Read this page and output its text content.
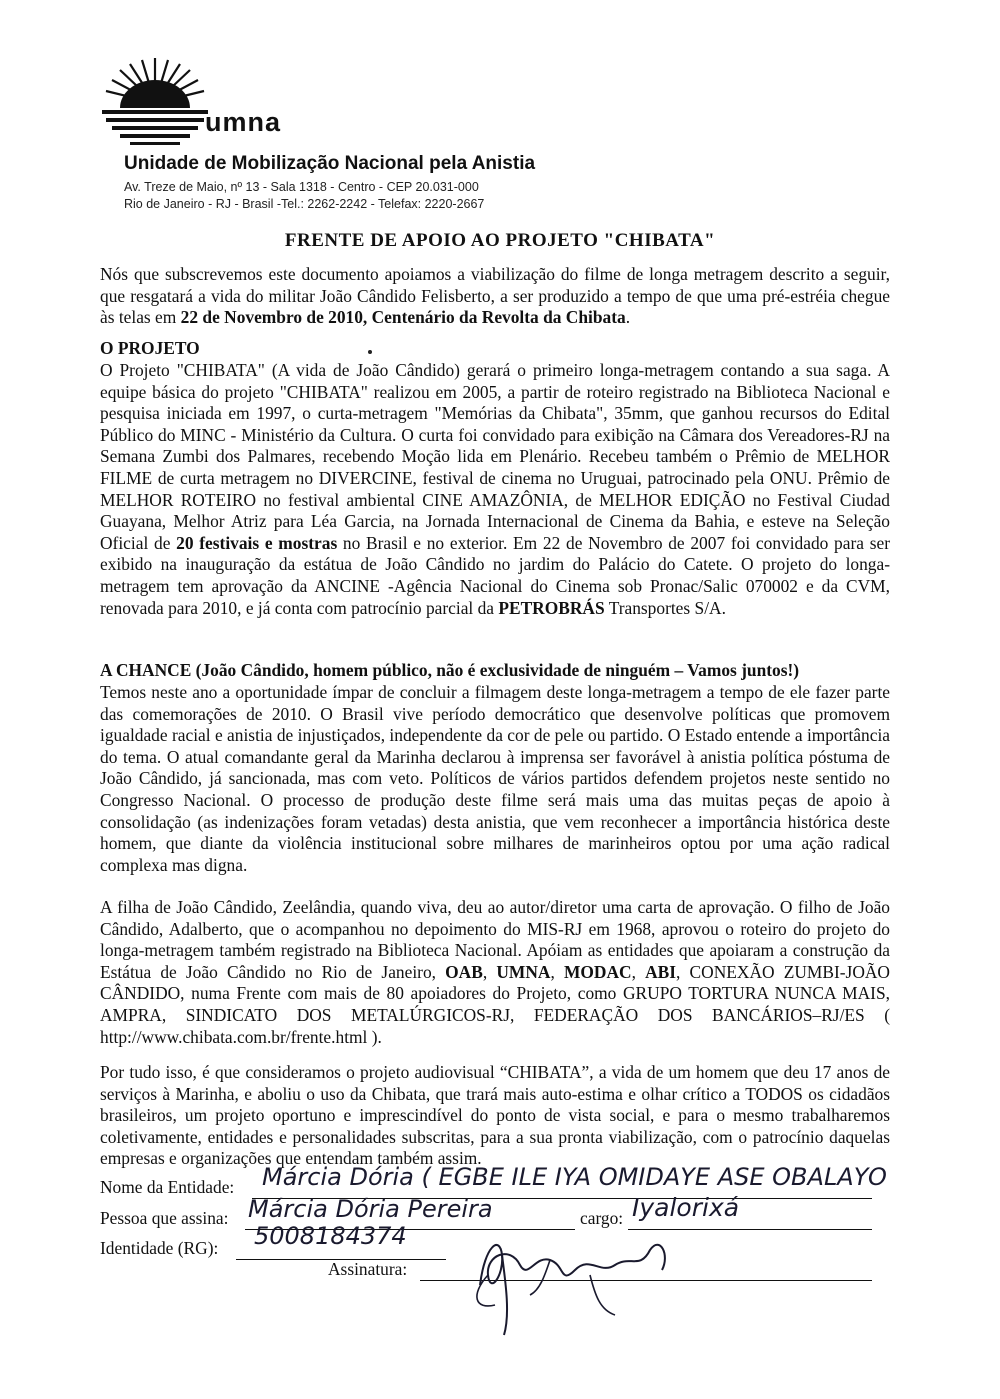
umna
Unidade de Mobilização Nacional pela Anistia
Av. Treze de Maio, nº 13 - Sala 1318 - Centro - CEP 20.031-000
Rio de Janeiro - RJ - Brasil -Tel.: 2262-2242 - Telefax: 2220-2667
FRENTE DE APOIO AO PROJETO "CHIBATA"

Nós que subscrevemos este documento apoiamos a viabilização do filme de longa metragem descrito a seguir, que resgatará a vida do militar João Cândido Felisberto, a ser produzido a tempo de que uma pré-estréia chegue às telas em 22 de Novembro de 2010, Centenário da Revolta da Chibata.

O PROJETO

O Projeto "CHIBATA" (A vida de João Cândido) gerará o primeiro longa-metragem contando a sua saga. A equipe básica do projeto "CHIBATA" realizou em 2005, a partir de roteiro registrado na Biblioteca Nacional e pesquisa iniciada em 1997, o curta-metragem "Memórias da Chibata", 35mm, que ganhou recursos do Edital Público do MINC - Ministério da Cultura. O curta foi convidado para exibição na Câmara dos Vereadores-RJ na Semana Zumbi dos Palmares, recebendo Moção lida em Plenário. Recebeu também o Prêmio de MELHOR FILME de curta metragem no DIVERCINE, festival de cinema no Uruguai, patrocinado pela ONU. Prêmio de MELHOR ROTEIRO no festival ambiental CINE AMAZÔNIA, de MELHOR EDIÇÃO no Festival Ciudad Guayana, Melhor Atriz para Léa Garcia, na Jornada Internacional de Cinema da Bahia, e esteve na Seleção Oficial de 20 festivais e mostras no Brasil e no exterior. Em 22 de Novembro de 2007 foi convidado para ser exibido na inauguração da estátua de João Cândido no jardim do Palácio do Catete. O projeto do longa-metragem tem aprovação da ANCINE -Agência Nacional do Cinema sob Pronac/Salic 070002 e da CVM, renovada para 2010, e já conta com patrocínio parcial da PETROBRÁS Transportes S/A.

A CHANCE (João Cândido, homem público, não é exclusividade de ninguém – Vamos juntos!)

Temos neste ano a oportunidade ímpar de concluir a filmagem deste longa-metragem a tempo de ele fazer parte das comemorações de 2010. O Brasil vive período democrático que desenvolve políticas que promovem igualdade racial e anistia de injustiçados, independente da cor de pele ou partido. O Estado entende a importância do tema. O atual comandante geral da Marinha declarou à imprensa ser favorável à anistia política póstuma de João Cândido, já sancionada, mas com veto. Políticos de vários partidos defendem projetos neste sentido no Congresso Nacional. O processo de produção deste filme será mais uma das muitas peças de apoio à consolidação (as indenizações foram vetadas) desta anistia, que vem reconhecer a importância histórica deste homem, que diante da violência institucional sobre milhares de marinheiros optou por uma ação radical complexa mas digna.

A filha de João Cândido, Zeelândia, quando viva, deu ao autor/diretor uma carta de aprovação. O filho de João Cândido, Adalberto, que o acompanhou no depoimento do MIS-RJ em 1968, aprovou o roteiro do projeto do longa-metragem também registrado na Biblioteca Nacional. Apóiam as entidades que apoiaram a construção da Estátua de João Cândido no Rio de Janeiro, OAB, UMNA, MODAC, ABI, CONEXÃO ZUMBI-JOÃO CÂNDIDO, numa Frente com mais de 80 apoiadores do Projeto, como GRUPO TORTURA NUNCA MAIS, AMPRA, SINDICATO DOS METALÚRGICOS-RJ, FEDERAÇÃO DOS BANCÁRIOS–RJ/ES ( http://www.chibata.com.br/frente.html ).

Por tudo isso, é que consideramos o projeto audiovisual “CHIBATA”, a vida de um homem que deu 17 anos de serviços à Marinha, e aboliu o uso da Chibata, que trará mais auto-estima e olhar crítico a TODOS os cidadãos brasileiros, um projeto oportuno e imprescindível do ponto de vista social, e para o mesmo trabalharemos coletivamente, entidades e personalidades subscritas, para a sua pronta viabilização, com o patrocínio daquelas empresas e organizações que entendam também assim.

Nome da Entidade: Márcia Dória ( EGBE ILE IYA OMIDAYE ASE OBALAYO
Pessoa que assina: Márcia Dória Pereira	cargo: Iyalorixá
Identidade (RG): 5008184374
Assinatura:
